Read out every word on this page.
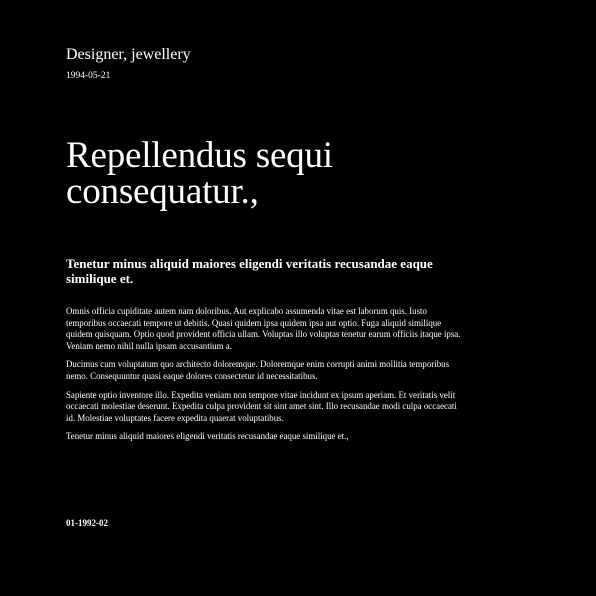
Designer, jewellery
1994-05-21
Repellendus sequi consequatur.,
Tenetur minus aliquid maiores eligendi veritatis recusandae eaque similique et.

Omnis officia cupiditate autem nam doloribus. Aut explicabo assumenda vitae est laborum quis. Iusto temporibus occaecati tempore ut debitis. Quasi quidem ipsa quidem ipsa aut optio. Fuga aliquid similique quidem quisquam. Optio quod provident officia ullam. Voluptas illo voluptas tenetur earum officiis itaque ipsa. Veniam nemo nihil nulla ipsam accusantium a.

Ducimus cum voluptatum quo architecto doloremque. Doloremque enim corrupti animi mollitia temporibus nemo. Consequuntur quasi eaque dolores consectetur id necessitatibus.

Sapiente optio inventore illo. Expedita veniam non tempore vitae incidunt ex ipsum aperiam. Et veritatis velit occaecati molestiae deserunt. Expedita culpa provident sit sint amet sint. Illo recusandae modi culpa occaecati id. Molestiae voluptates facere expedita quaerat voluptatibus.

Tenetur minus aliquid maiores eligendi veritatis recusandae eaque similique et.,

01-1992-02
